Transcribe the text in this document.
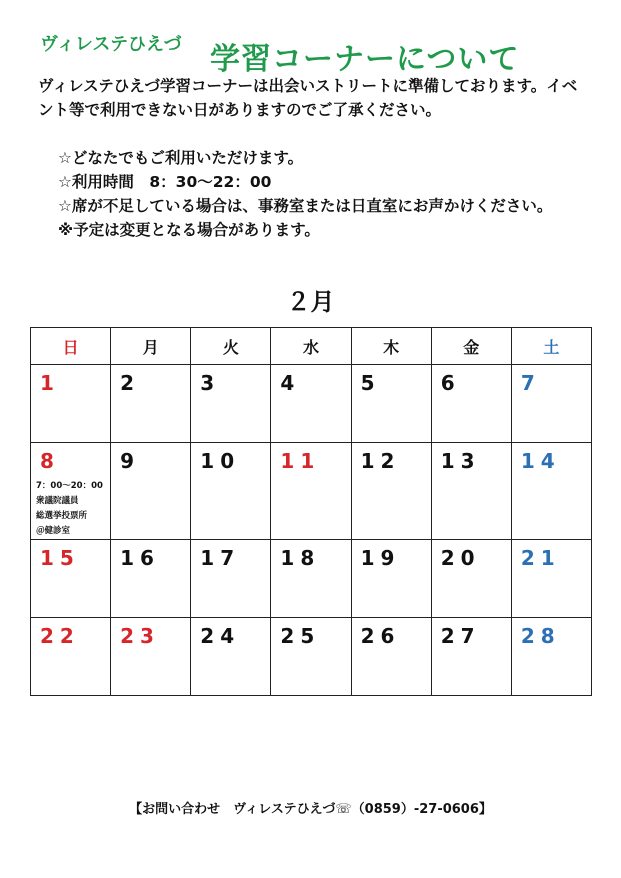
ヴィレステひえづ 学習コーナーについて

ヴィレステひえづ学習コーナーは出会いストリートに準備しております。イベント等で利用できない日がありますのでご了承ください。

☆どなたでもご利用いただけます。
☆利用時間　8：30〜22：00
☆席が不足している場合は、事務室または日直室にお声かけください。
※予定は変更となる場合があります。
２月
日	月	火	水	木	金	土

1	2	3	4	5	6	7

8
7：00〜20：00
衆議院議員
総選挙投票所
＠健診室	9	10	11	12	13	14

15	16	17	18	19	20	21

22	23	24	25	26	27	28
【お問い合わせ　ヴィレステひえづ☏（0859）-27-0606】
